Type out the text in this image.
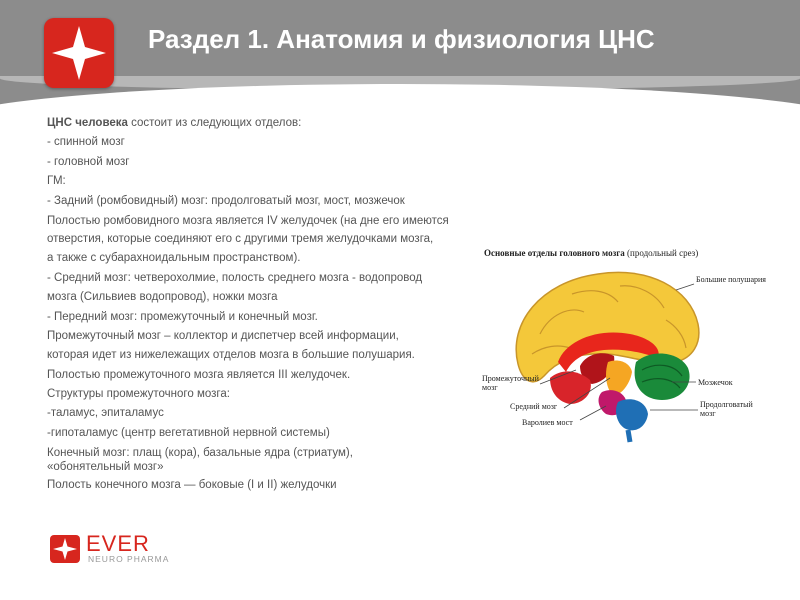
Раздел 1. Анатомия и физиология ЦНС
ЦНС человека состоит из следующих отделов:
- спинной мозг
- головной мозг
ГМ:
- Задний (ромбовидный) мозг: продолговатый мозг, мост, мозжечок
Полостью ромбовидного мозга является IV желудочек (на дне его имеются
отверстия, которые соединяют его с другими тремя желудочками мозга,
а также с субарахноидальным пространством).
- Средний мозг: четверохолмие, полость среднего мозга - водопровод
мозга (Сильвиев водопровод), ножки мозга
- Передний мозг: промежуточный и конечный мозг.
Промежуточный мозг – коллектор и диспетчер всей информации,
которая идет из нижележащих отделов мозга в большие полушария.
Полостью промежуточного мозга является III желудочек.
Структуры промежуточного мозга:
-таламус, эпиталамус
-гипоталамус (центр вегетативной нервной системы)
Конечный мозг: плащ (кора), базальные ядра (стриатум), «обонятельный мозг»
Полость конечного мозга — боковые (I и II) желудочки
Основные отделы головного мозга (продольный срез)
Большие полушария
Промежуточный мозг
Мозжечок
Средний мозг	Продолговатый мозг
Варолиев мост
EVER
NEURO PHARMA
